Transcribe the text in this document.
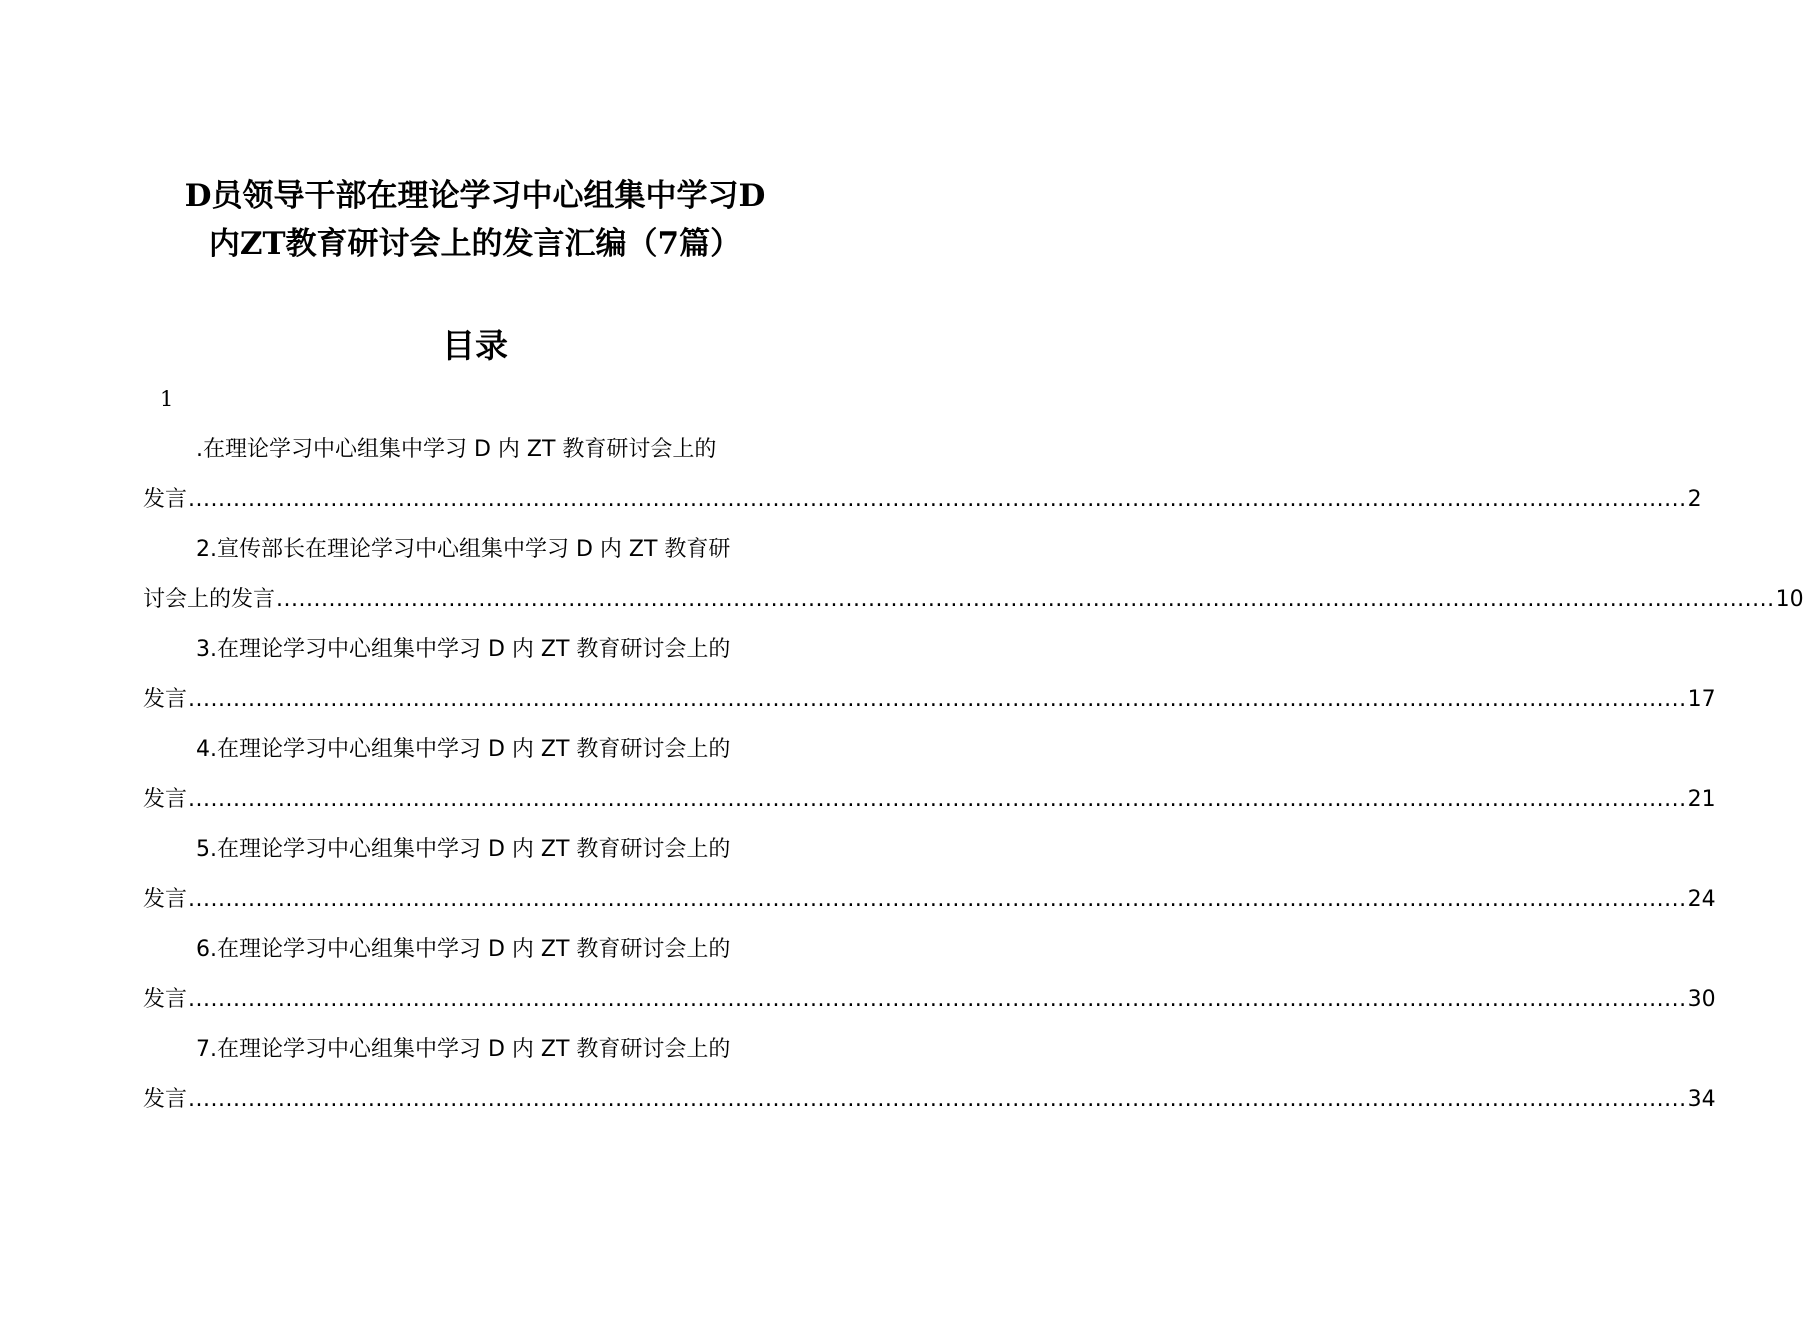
D员领导干部在理论学习中心组集中学习D
内ZT教育研讨会上的发言汇编（7篇）
目录
1
.在理论学习中心组集中学习 D 内 ZT 教育研讨会上的
发言 ........................................................................................................................................................................................................ 2
2.宣传部长在理论学习中心组集中学习 D 内 ZT 教育研
讨会上的发言 ........................................................................................................................................................................................................ 10
3.在理论学习中心组集中学习 D 内 ZT 教育研讨会上的
发言 ........................................................................................................................................................................................................ 17
4.在理论学习中心组集中学习 D 内 ZT 教育研讨会上的
发言 ........................................................................................................................................................................................................ 21
5.在理论学习中心组集中学习 D 内 ZT 教育研讨会上的
发言 ........................................................................................................................................................................................................ 24
6.在理论学习中心组集中学习 D 内 ZT 教育研讨会上的
发言 ........................................................................................................................................................................................................ 30
7.在理论学习中心组集中学习 D 内 ZT 教育研讨会上的
发言 ........................................................................................................................................................................................................ 34
